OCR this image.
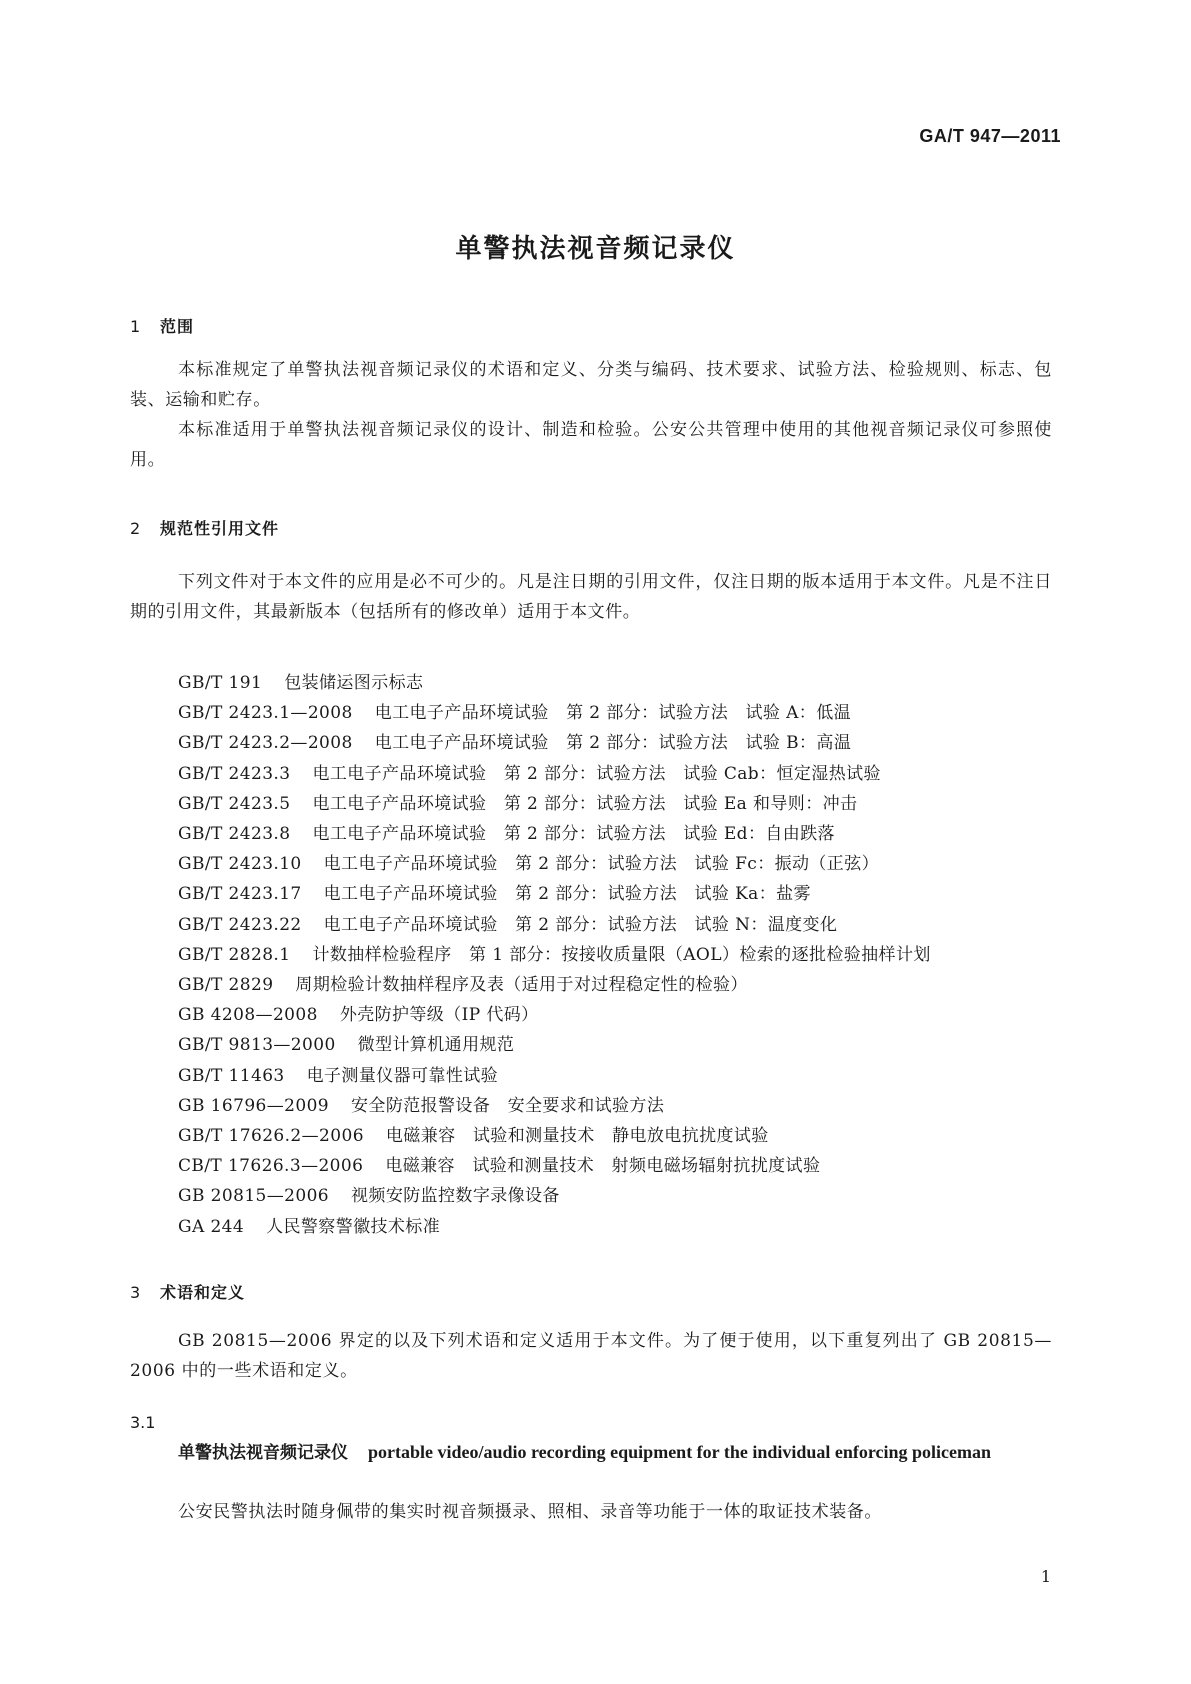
GA/T 947—2011
单警执法视音频记录仪
1 范围

本标准规定了单警执法视音频记录仪的术语和定义、分类与编码、技术要求、试验方法、检验规则、标志、包装、运输和贮存。

本标准适用于单警执法视音频记录仪的设计、制造和检验。公安公共管理中使用的其他视音频记录仪可参照使用。

2 规范性引用文件

下列文件对于本文件的应用是必不可少的。凡是注日期的引用文件，仅注日期的版本适用于本文件。凡是不注日期的引用文件，其最新版本（包括所有的修改单）适用于本文件。

GB/T 191 包装储运图示标志
GB/T 2423.1—2008 电工电子产品环境试验　第 2 部分：试验方法　试验 A：低温
GB/T 2423.2—2008 电工电子产品环境试验　第 2 部分：试验方法　试验 B：高温
GB/T 2423.3 电工电子产品环境试验　第 2 部分：试验方法　试验 Cab：恒定湿热试验
GB/T 2423.5 电工电子产品环境试验　第 2 部分：试验方法　试验 Ea 和导则：冲击
GB/T 2423.8 电工电子产品环境试验　第 2 部分：试验方法　试验 Ed：自由跌落
GB/T 2423.10 电工电子产品环境试验　第 2 部分：试验方法　试验 Fc：振动（正弦）
GB/T 2423.17 电工电子产品环境试验　第 2 部分：试验方法　试验 Ka：盐雾
GB/T 2423.22 电工电子产品环境试验　第 2 部分：试验方法　试验 N：温度变化
GB/T 2828.1 计数抽样检验程序　第 1 部分：按接收质量限（AOL）检索的逐批检验抽样计划
GB/T 2829 周期检验计数抽样程序及表（适用于对过程稳定性的检验）
GB 4208—2008 外壳防护等级（IP 代码）
GB/T 9813—2000 微型计算机通用规范
GB/T 11463 电子测量仪器可靠性试验
GB 16796—2009 安全防范报警设备　安全要求和试验方法
GB/T 17626.2—2006 电磁兼容　试验和测量技术　静电放电抗扰度试验
CB/T 17626.3—2006 电磁兼容　试验和测量技术　射频电磁场辐射抗扰度试验
GB 20815—2006 视频安防监控数字录像设备
GA 244 人民警察警徽技术标准
3 术语和定义

GB 20815—2006 界定的以及下列术语和定义适用于本文件。为了便于使用，以下重复列出了 GB 20815—2006 中的一些术语和定义。

3.1

单警执法视音频记录仪 portable video/audio recording equipment for the individual enforcing policeman

公安民警执法时随身佩带的集实时视音频摄录、照相、录音等功能于一体的取证技术装备。

1
